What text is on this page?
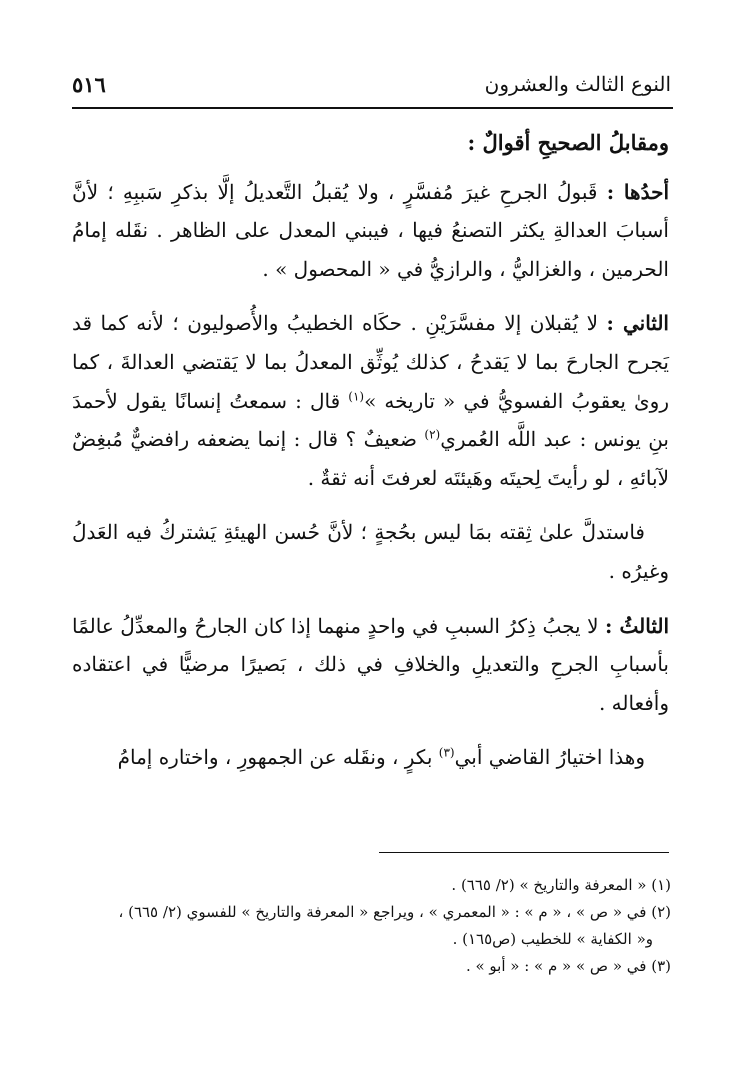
النوع الثالث والعشرون
٥١٦

ومقابلُ الصحيحِ أقوالٌ :

أحدُها : قَبولُ الجرحِ غيرَ مُفسَّرٍ ، ولا يُقبلُ التَّعديلُ إلَّا بذكرِ سَببِهِ ؛ لأنَّ أسبابَ العدالةِ يكثر التصنعُ فيها ، فيبني المعدل على الظاهر . نقَله إمامُ الحرمين ، والغزاليُّ ، والرازيُّ في « المحصول » .

الثاني : لا يُقبلان إلا مفسَّرَيْنِ . حكَاه الخطيبُ والأُصوليون ؛ لأنه كما قد يَجرح الجارحَ بما لا يَقدحُ ، كذلك يُوثِّق المعدلُ بما لا يَقتضي العدالةَ ، كما روىٰ يعقوبُ الفسويُّ في « تاريخه »$^{(١)}$ قال : سمعتُ إنسانًا يقول لأحمدَ بنِ يونس : عبد اللَّه العُمري$^{(٢)}$ ضعيفٌ ؟ قال : إنما يضعفه رافضيٌّ مُبغِضٌ لآبائهِ ، لو رأيتَ لِحيتَه وهَيئتَه لعرفتَ أنه ثقةٌ .

فاستدلَّ علىٰ ثِقته بمَا ليس بحُجةٍ ؛ لأنَّ حُسن الهيئةِ يَشتركُ فيه العَدلُ وغيرُه .

الثالثُ : لا يجبُ ذِكرُ السببِ في واحدٍ منهما إذا كان الجارحُ والمعدِّلُ عالمًا بأسبابِ الجرحِ والتعديلِ والخلافِ في ذلك ، بَصيرًا مرضيًّا في اعتقاده وأفعاله .

وهذا اختيارُ القاضي أبي$^{(٣)}$ بكرٍ ، ونقَله عن الجمهورِ ، واختاره إمامُ

(١) « المعرفة والتاريخ » (٢/ ٦٦٥) .
(٢) في « ص » ، « م » : « المعمري » ، ويراجع « المعرفة والتاريخ » للفسوي (٢/ ٦٦٥) ،
و« الكفاية » للخطيب (ص١٦٥) .
(٣) في « ص » « م » : « أبو » .
